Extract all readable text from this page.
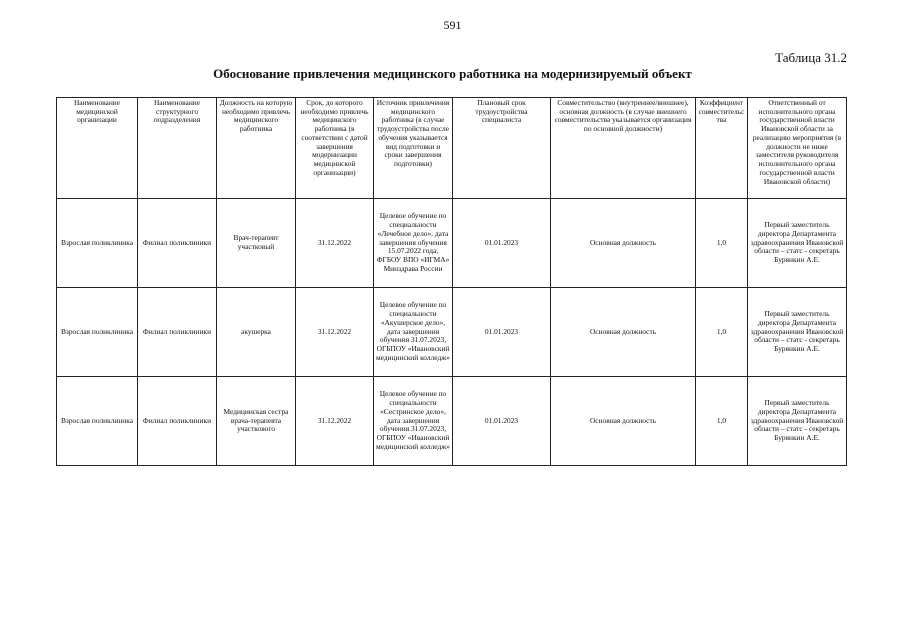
591
Таблица 31.2
Обоснование привлечения медицинского работника на модернизируемый объект
Наименование медицинской организации	Наименование структурного подразделения	Должность на которую необходимо привлечь медицинского работника	Срок, до которого необходимо привлечь медицинского работника (в соответствии с датой завершения модернизации медицинской организации)	Источник привлечения медицинского работника (в случае трудоустройства после обучения указывается вид подготовки и сроки завершения подготовки)	Плановый срок трудоустройства специалиста	Совместительство (внутреннее/внешнее), основная должность (в случае внешнего совместительства указывается организация по основной должности)	Коэффициент совместительства	Ответственный от исполнительного органа государственной власти Ивановской области за реализацию мероприятия (в должности не ниже заместителя руководителя исполнительного органа государственной власти Ивановской области)
Взрослая поликлиника	Филиал поликлиники	Врач-терапевт участковый	31.12.2022	Целевое обучение по специальности «Лечебное дело», дата завершения обучения 15.07.2022 года, ФГБОУ ВПО «ИГМА» Минздрава России	01.01.2023	Основная должность	1,0	Первый заместитель директора Департамента здравоохранения Ивановской области – статс - секретарь Бурянкин А.Е.
Взрослая поликлиника	Филиал поликлиники	акушерка	31.12.2022	Целевое обучение по специальности «Акушерское дело», дата завершения обучения 31.07.2023, ОГБПОУ «Ивановский медицинский колледж»	01.01.2023	Основная должность	1,0	Первый заместитель директора Департамента здравоохранения Ивановской области – статс - секретарь Бурянкин А.Е.
Взрослая поликлиника	Филиал поликлиники	Медицинская сестра врача-терапевта участкового	31.12.2022	Целевое обучение по специальности «Сестринское дело», дата завершения обучения 31.07.2023, ОГБПОУ «Ивановский медицинский колледж»	01.01.2023	Основная должность	1,0	Первый заместитель директора Департамента здравоохранения Ивановской области – статс - секретарь Бурянкин А.Е.
